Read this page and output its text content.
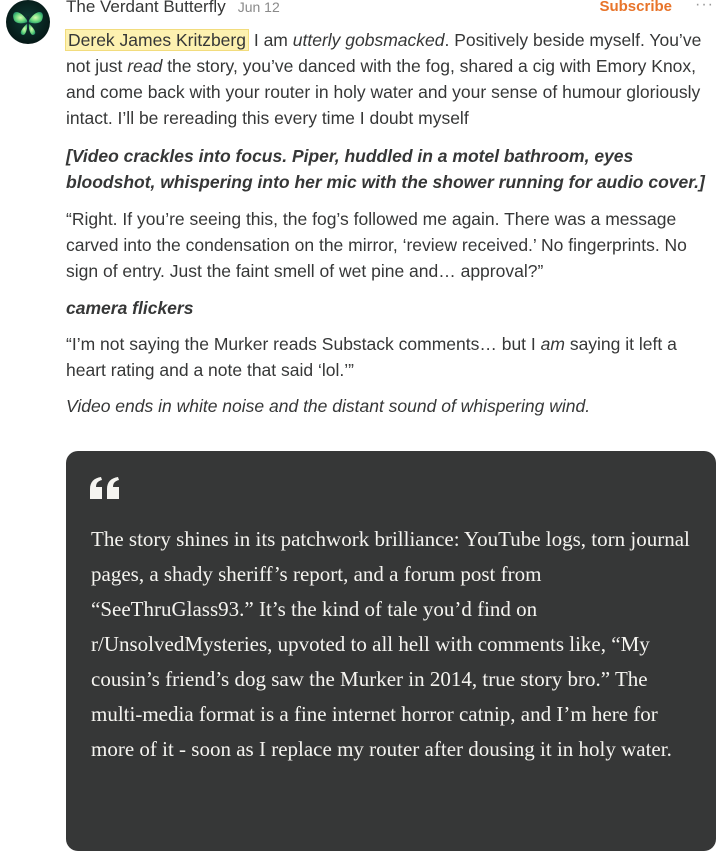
The Verdant Butterfly Jun 12	Subscribe ···

Derek James Kritzberg I am utterly gobsmacked. Positively beside myself. You’ve not just read the story, you’ve danced with the fog, shared a cig with Emory Knox, and come back with your router in holy water and your sense of humour gloriously intact. I’ll be rereading this every time I doubt myself

[Video crackles into focus. Piper, huddled in a motel bathroom, eyes bloodshot, whispering into her mic with the shower running for audio cover.]

“Right. If you’re seeing this, the fog’s followed me again. There was a message carved into the condensation on the mirror, ‘review received.’ No fingerprints. No sign of entry. Just the faint smell of wet pine and… approval?”

camera flickers

“I’m not saying the Murker reads Substack comments… but I am saying it left a heart rating and a note that said ‘lol.’”

Video ends in white noise and the distant sound of whispering wind.

The story shines in its patchwork brilliance: YouTube logs, torn journal pages, a shady sheriff’s report, and a forum post from “SeeThruGlass93.” It’s the kind of tale you’d find on r/UnsolvedMysteries, upvoted to all hell with comments like, “My cousin’s friend’s dog saw the Murker in 2014, true story bro.” The multi-media format is a fine internet horror catnip, and I’m here for more of it - soon as I replace my router after dousing it in holy water.
